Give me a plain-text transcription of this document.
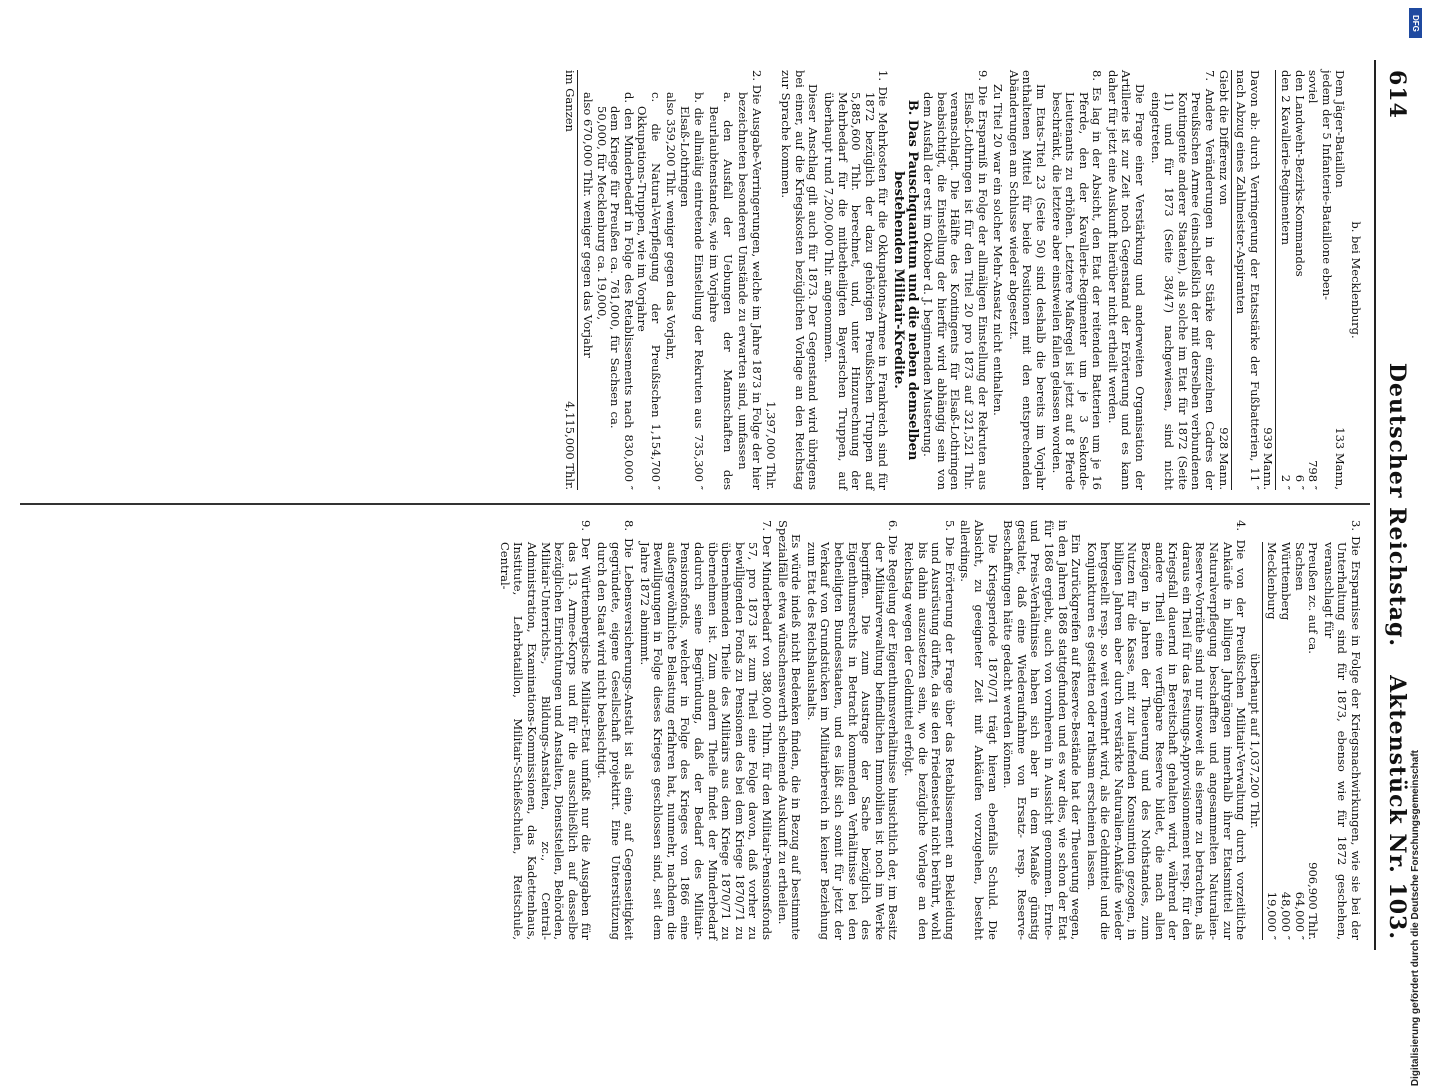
614
Deutscher Reichstag.
Aktenstück Nr. 103.

b. bei Mecklenburg.

Dem Jäger-Bataillon
133 Mann,
jedem der 5 Infanterie-Bataillone eben-
soviel
798 ″
den Landwehr-Bezirks-Kommandos
6 ″
den 2 Kavallerie-Regimentern
2 ″
939 Mann.
Davon ab: durch Verringerung der Etatsstärke der Fußbatterien, nach Abzug eines Zahlmeister-Aspiranten
11 ″
Giebt die Differenz von
928 Mann.

7. Andere Veränderungen in der Stärke der einzelnen Cadres der Preußischen Armee (einschließlich der mit derselben verbundenen Kontingente anderer Staaten), als solche im Etat für 1872 (Seite 11) und für 1873 (Seite 38/47) nachgewiesen, sind nicht eingetreten.

Die Frage einer Verstärkung und anderweiten Organisation der Artillerie ist zur Zeit noch Gegenstand der Erörterung und es kann daher für jetzt eine Auskunft hierüber nicht ertheilt werden.

8. Es lag in der Absicht, den Etat der reitenden Batterien um je 16 Pferde, den der Kavallerie-Regimenter um je 3 Sekonde-Lieutenants zu erhöhen. Letztere Maßregel ist jetzt auf 8 Pferde beschränkt, die letztere aber einstweilen fallen gelassen worden.

Im Etats-Titel 23 (Seite 50) sind deshalb die bereits im Vorjahr enthaltenen Mittel für beide Positionen mit den entsprechenden Abänderungen am Schlusse wieder abgesetzt.

Zu Titel 20 war ein solcher Mehr-Ansatz nicht enthalten.

9. Die Ersparniß in Folge der allmäligen Einstellung der Rekruten aus Elsaß-Lothringen ist für den Titel 20 pro 1873 auf 321,521 Thlr. veranschlagt. Die Hälfte des Kontingents für Elsaß-Lothringen beabsichtigt, die Einstellung der hierfür wird abhängig sein von dem Ausfall der erst im Oktober d. J. beginnenden Musterung.

B. Das Pauschquantum und die neben demselben bestehenden Militair-Kredite.

1. Die Mehrkosten für die Okkupations-Armee in Frankreich sind für 1872 bezüglich der dazu gehörigen Preußischen Truppen auf 5,885,600 Thlr. berechnet, und, unter Hinzurechnung der Mehrbedarf für die mitbetheiligten Bayerischen Truppen, auf überhaupt rund 7,200,000 Thlr. angenommen.

Dieser Anschlag gilt auch für 1873. Der Gegenstand wird übrigens bei einer, auf die Kriegskosten bezüglichen Vorlage an den Reichstag zur Sprache kommen.

1,397,000 Thlr.

2. Die Ausgabe-Verringerungen, welche im Jahre 1873 in Folge der hier bezeichneten besonderen Umstände zu erwarten sind, umfassen

a. den Ausfall der Uebungen der Mannschaften des Beurlaubtenstandes, wie im Vorjahre

b. die allmälig eintretende Einstellung der Rekruten aus Elsaß-Lothringen
735,300 ″

also 359,200 Thlr. weniger gegen das Vorjahr,

c. die Natural-Verpflegung der Preußischen Okkupations-Truppen, wie im Vorjahre
1,154,700 ″
d. den Minderbedarf in Folge des Retablissements nach dem Kriege für Preußen ca. 761,000, für Sachsen ca. 50,000, für Mecklenburg ca. 19,000,
830,000 ″

also 670,000 Thlr. weniger gegen das Vorjahr

im Ganzen
4,115,000 Thlr.

3. Die Ersparnisse in Folge der Kriegsnachwirkungen, wie sie bei der Unterhaltung sind für 1873, ebenso wie für 1872 geschehen, veranschlagt für

Preußen zc. auf ca.
906,900 Thlr.
Sachsen
64,000 ″
Württemberg
48,000 ″
Mecklenburg
19,000 ″
überhaupt auf 1,037,200 Thlr.

4. Die von der Preußischen Militair-Verwaltung durch vorzeitliche Ankäufe in billigen Jahrgängen innerhalb ihrer Etatsmittel zur Naturalverpflegung beschafften und angesammelten Naturalien-Reserve-Vorräthe sind nur insoweit als eiserne zu betrachten, als daraus ein Theil für das Festungs-Approvisionnement resp. für den Kriegsfall dauernd in Bereitschaft gehalten wird, während der andere Theil eine verfügbare Reserve bildet, die nach allen Bezügen in Jahren der Theuerung und des Nothstandes, zum Nutzen für die Kasse, mit zur laufenden Konsumtion gezogen, in billigen Jahren aber durch verstärkte Naturalien-Ankäufe wieder hergestellt resp. so weit vermehrt wird, als die Geldmittel und die Konjunkturen es gestatten oder rathsam erscheinen lassen.

Ein Zurückgreifen auf Reserve-Bestände hat der Theuerung wegen, in den Jahren 1868 stattgefunden und es war dies, wie schon der Etat für 1868 ergiebt, auch von vornherein in Aussicht genommen. Ernte- und Preis-Verhältnisse haben sich aber in dem Maaße günstig gestaltet, daß eine Wiederaufnahme von Ersatz- resp. Reserve-Beschaffungen hätte gedacht werden können.

Die Kriegsperiode 1870/71 trägt hieran ebenfalls Schuld. Die Absicht, zu geeigneter Zeit mit Ankäufen vorzugehen, besteht allerdings.

5. Die Erörterung der Frage über das Retablissement an Bekleidung und Ausrüstung dürfte, da sie den Friedensetat nicht berührt, wohl bis dahin auszusetzen sein, wo die bezügliche Vorlage an den Reichstag wegen der Geldmittel erfolgt.

6. Die Regelung der Eigenthumsverhältnisse hinsichtlich der, im Besitz der Militairverwaltung befindlichen Immobilien ist noch im Werke begriffen. Die zum Austrage der Sache bezüglich des Eigenthumsrechts in Betracht kommenden Verhältnisse bei den betheiligten Bundesstaaten, und es läßt sich somit für jetzt der Verkauf von Grundstücken im Militairbereich in keiner Beziehung zum Etat des Reichshaushalts.

Es würde indeß nicht Bedenken finden, die in Bezug auf bestimmte Spezialfälle etwa wünschenswerth scheinende Auskunft zu ertheilen.

7. Der Minderbedarf von 388,000 Thlrn. für den Militair-Pensionsfonds 57, pro 1873 ist zum Theil eine Folge davon, daß vorher zu bewilligenden Fonds zu Pensionen des bei dem Kriege 1870/71 zu übernehmenden Theile des Militairs aus dem Kriege 1870/71 zu übernehmen ist. Zum andern Theile findet der Minderbedarf dadurch seine Begründung, daß der Bedarf des Militair-Pensionsfonds, welcher in Folge des Krieges von 1866 eine außergewöhnliche Belastung erfahren hat, nunmehr, nachdem die Bewilligungen in Folge dieses Krieges geschlossen sind, seit dem Jahre 1872 abnimmt.

8. Die Lebensversicherungs-Anstalt ist als eine, auf Gegenseitigkeit gegründete, eigene Gesellschaft projektirt. Eine Unterstützung durch den Staat wird nicht beabsichtigt.

9. Der Württembergische Militair-Etat umfaßt nur die Ausgaben für das 13. Armee-Korps und für die ausschließlich auf dasselbe bezüglichen Einrichtungen und Anstalten, Dienststellen, Behörden, Militair-Unterrichts-, Bildungs-Anstalten, zc., Central-Administration, Examinations-Kommissionen, das Kadettenhaus, Institute, Lehrbataillon, Militair-Schießschulen, Reitschule, Central-

DFG
Digitalisierung gefördert durch die Deutsche Forschungsgemeinschaft
